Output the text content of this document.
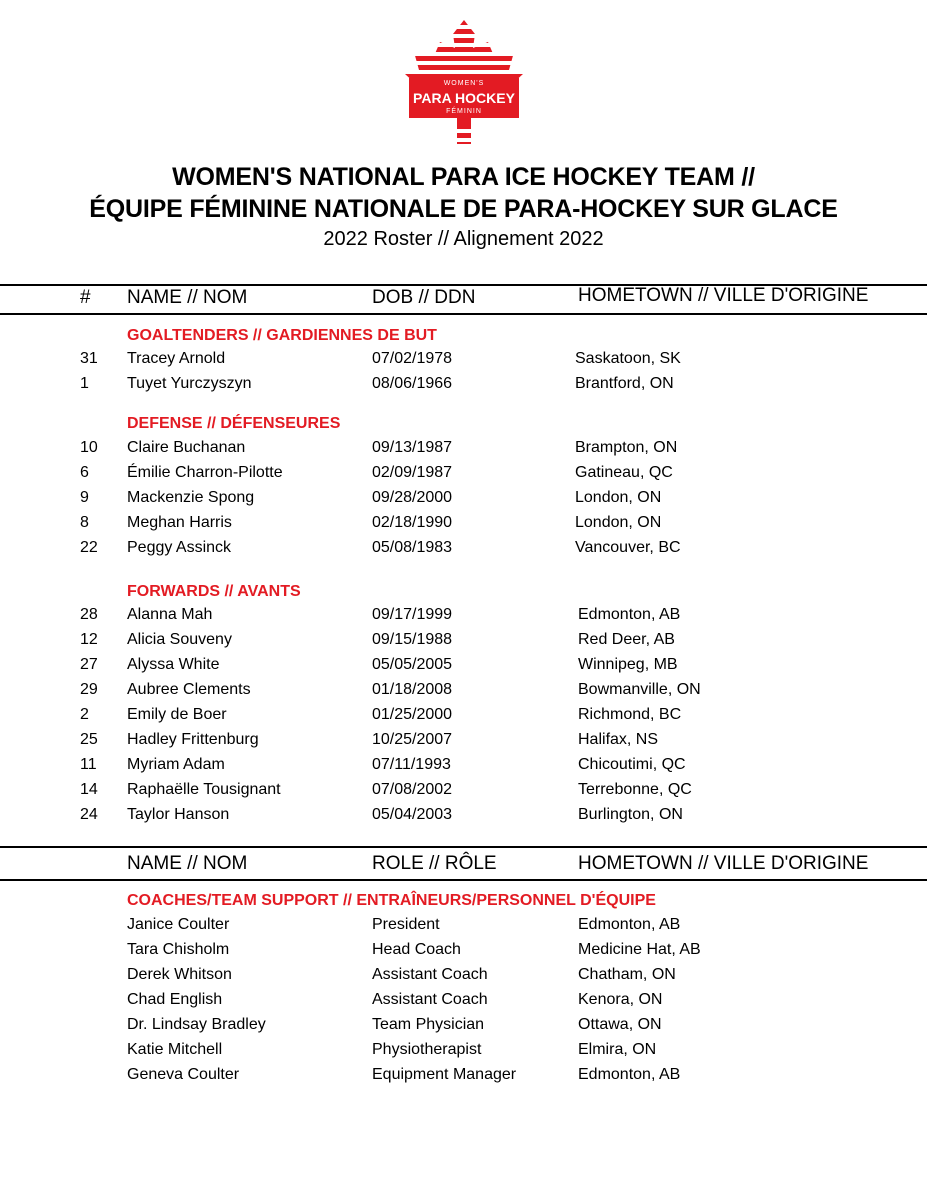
WOMEN'S
PARA HOCKEY
FÉMININ
WOMEN'S NATIONAL PARA ICE HOCKEY TEAM //
ÉQUIPE FÉMININE NATIONALE DE PARA-HOCKEY SUR GLACE
2022 Roster // Alignement 2022
# NAME // NOM	DOB // DDN	HOMETOWN // VILLE D'ORIGINE
GOALTENDERS // GARDIENNES DE BUT
31 Tracey Arnold	07/02/1978	Saskatoon, SK
1 Tuyet Yurczyszyn	08/06/1966	Brantford, ON
DEFENSE // DÉFENSEURES
10 Claire Buchanan	09/13/1987	Brampton, ON
6 Émilie Charron-Pilotte	02/09/1987	Gatineau, QC
9 Mackenzie Spong	09/28/2000	London, ON
8 Meghan Harris	02/18/1990	London, ON
22 Peggy Assinck	05/08/1983	Vancouver, BC
FORWARDS // AVANTS
28 Alanna Mah	09/17/1999	Edmonton, AB
12 Alicia Souveny	09/15/1988	Red Deer, AB
27 Alyssa White	05/05/2005	Winnipeg, MB
29 Aubree Clements	01/18/2008	Bowmanville, ON
2 Emily de Boer	01/25/2000	Richmond, BC
25 Hadley Frittenburg	10/25/2007	Halifax, NS
11 Myriam Adam	07/11/1993	Chicoutimi, QC
14 Raphaëlle Tousignant	07/08/2002	Terrebonne, QC
24 Taylor Hanson	05/04/2003	Burlington, ON
NAME // NOM	ROLE // RÔLE	HOMETOWN // VILLE D'ORIGINE
COACHES/TEAM SUPPORT // ENTRAÎNEURS/PERSONNEL D'ÉQUIPE
Janice Coulter	President	Edmonton, AB
Tara Chisholm	Head Coach	Medicine Hat, AB
Derek Whitson	Assistant Coach	Chatham, ON
Chad English	Assistant Coach	Kenora, ON
Dr. Lindsay Bradley	Team Physician	Ottawa, ON
Katie Mitchell	Physiotherapist	Elmira, ON
Geneva Coulter	Equipment Manager	Edmonton, AB
